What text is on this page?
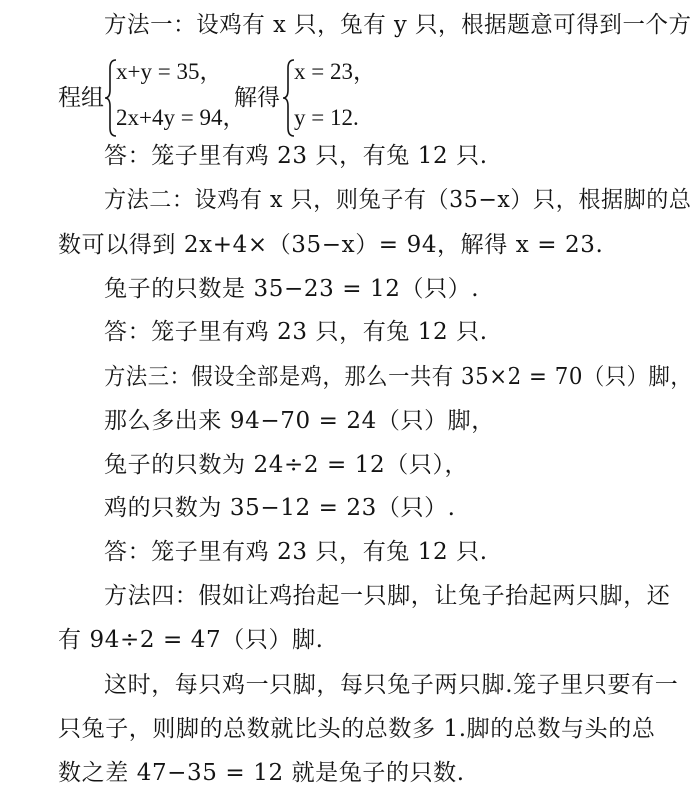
方法一：设鸡有 x 只，兔有 y 只，根据题意可得到一个方
程组
x+y = 35，
2x+4y = 94，
解得
x = 23，
y = 12.
答：笼子里有鸡 23 只，有兔 12 只.
方法二：设鸡有 x 只，则兔子有（35−x）只，根据脚的总
数可以得到 2x+4×（35−x）= 94，解得 x = 23.
兔子的只数是 35−23 = 12（只）.
答：笼子里有鸡 23 只，有兔 12 只.
方法三：假设全部是鸡，那么一共有 35×2 = 70（只）脚，
那么多出来 94−70 = 24（只）脚，
兔子的只数为 24÷2 = 12（只），
鸡的只数为 35−12 = 23（只）.
答：笼子里有鸡 23 只，有兔 12 只.
方法四：假如让鸡抬起一只脚，让兔子抬起两只脚，还
有 94÷2 = 47（只）脚.
这时，每只鸡一只脚，每只兔子两只脚.笼子里只要有一
只兔子，则脚的总数就比头的总数多 1.脚的总数与头的总
数之差 47−35 = 12 就是兔子的只数.
